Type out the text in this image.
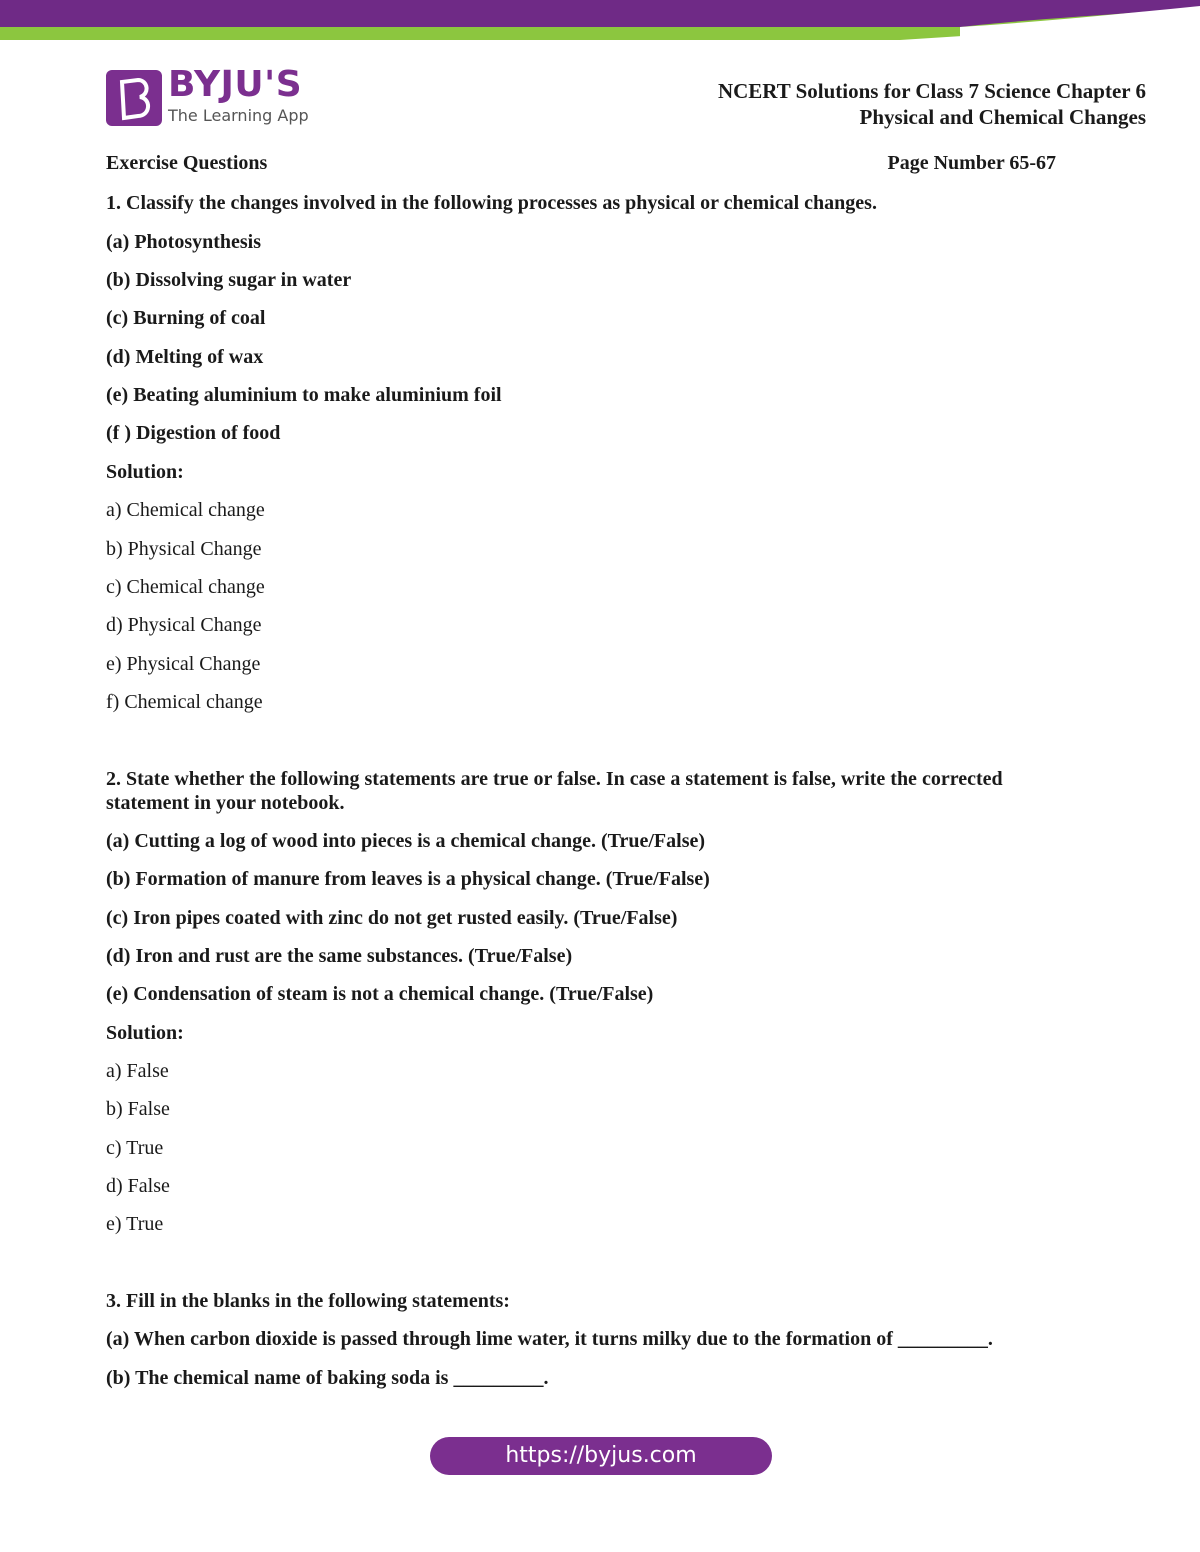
BYJU'S
The Learning App
NCERT Solutions for Class 7 Science Chapter 6
Physical and Chemical Changes
Exercise Questions	Page Number 65-67
1. Classify the changes involved in the following processes as physical or chemical changes.
(a) Photosynthesis
(b) Dissolving sugar in water
(c) Burning of coal
(d) Melting of wax
(e) Beating aluminium to make aluminium foil
(f ) Digestion of food
Solution:
a) Chemical change
b) Physical Change
c) Chemical change
d) Physical Change
e) Physical Change
f) Chemical change
2. State whether the following statements are true or false. In case a statement is false, write the corrected statement in your notebook.
(a) Cutting a log of wood into pieces is a chemical change. (True/False)
(b) Formation of manure from leaves is a physical change. (True/False)
(c) Iron pipes coated with zinc do not get rusted easily. (True/False)
(d) Iron and rust are the same substances. (True/False)
(e) Condensation of steam is not a chemical change. (True/False)
Solution:
a) False
b) False
c) True
d) False
e) True
3. Fill in the blanks in the following statements:
(a) When carbon dioxide is passed through lime water, it turns milky due to the formation of _________.
(b) The chemical name of baking soda is _________.
https://byjus.com
